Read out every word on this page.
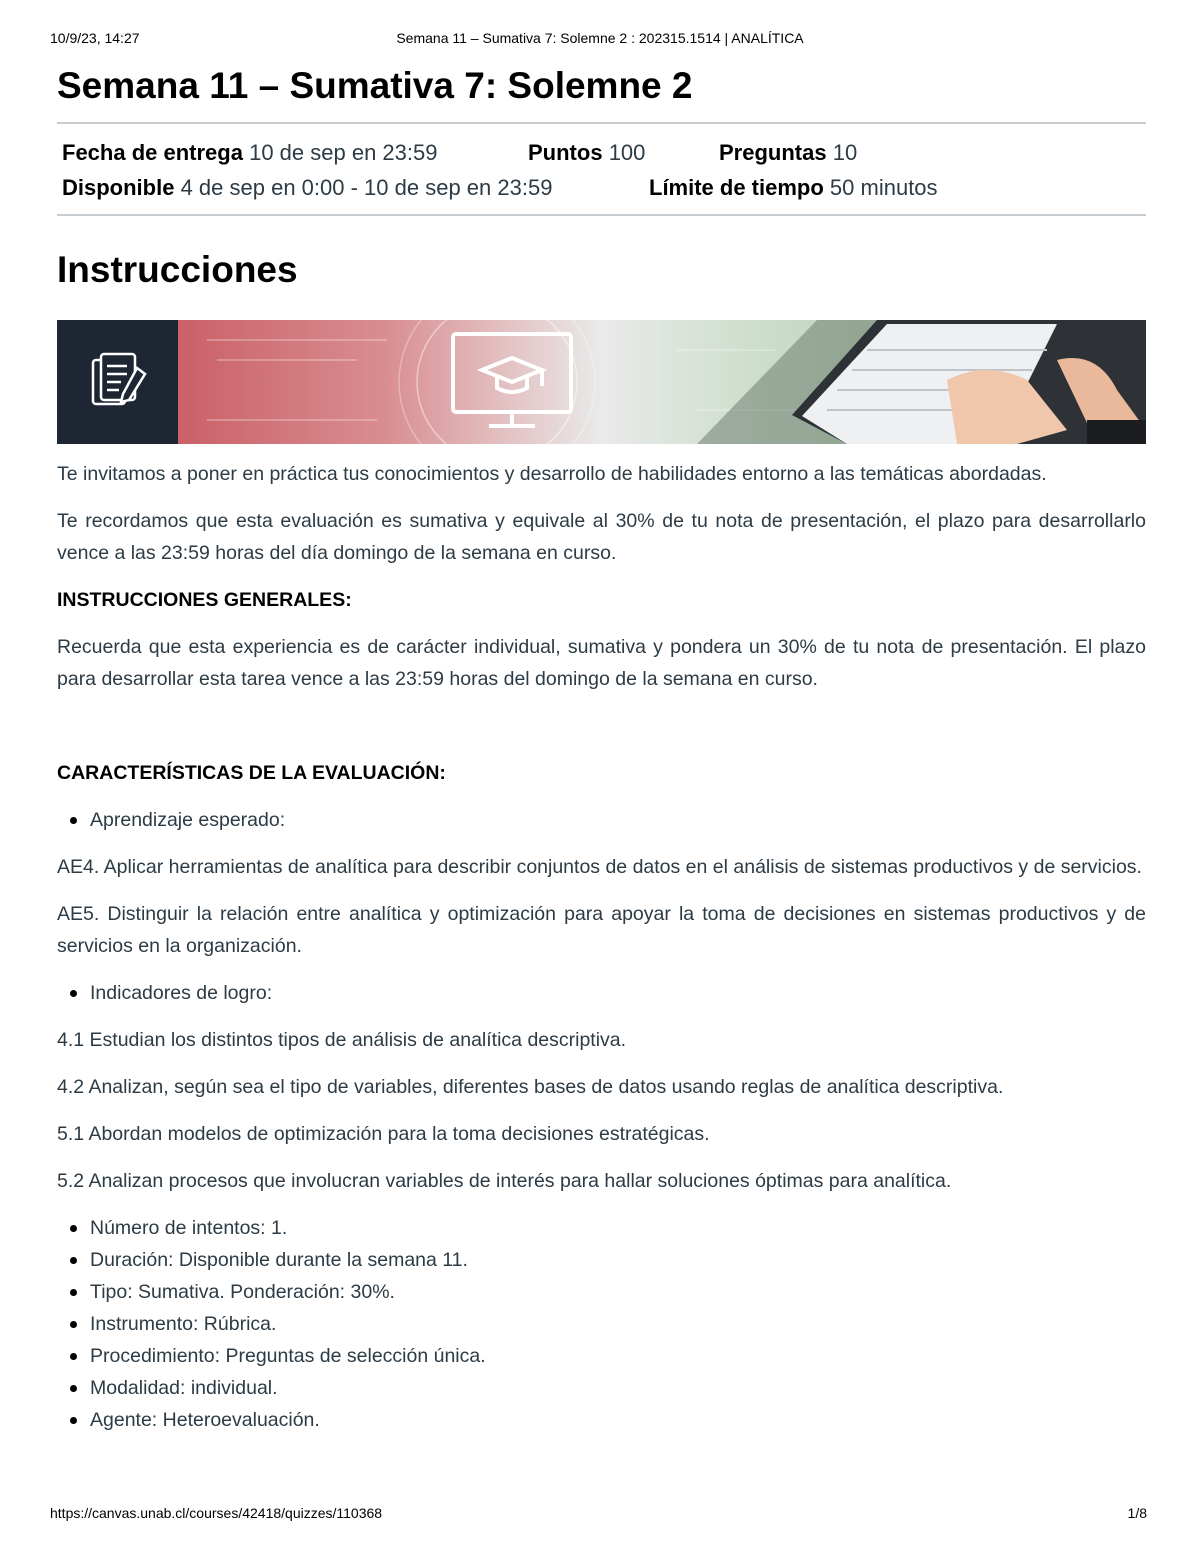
10/9/23, 14:27	Semana 11 – Sumativa 7: Solemne 2 : 202315.1514 | ANALÍTICA
Semana 11 – Sumativa 7: Solemne 2
Fecha de entrega 10 de sep en 23:59	Puntos 100	Preguntas 10
Disponible 4 de sep en 0:00 - 10 de sep en 23:59	Límite de tiempo 50 minutos
Instrucciones

Te invitamos a poner en práctica tus conocimientos y desarrollo de habilidades entorno a las temáticas abordadas.

Te recordamos que esta evaluación es sumativa y equivale al 30% de tu nota de presentación, el plazo para desarrollarlo vence a las 23:59 horas del día domingo de la semana en curso.

INSTRUCCIONES GENERALES:

Recuerda que esta experiencia es de carácter individual, sumativa y pondera un 30% de tu nota de presentación. El plazo para desarrollar esta tarea vence a las 23:59 horas del domingo de la semana en curso.

CARACTERÍSTICAS DE LA EVALUACIÓN:

Aprendizaje esperado:

AE4. Aplicar herramientas de analítica para describir conjuntos de datos en el análisis de sistemas productivos y de servicios.

AE5. Distinguir la relación entre analítica y optimización para apoyar la toma de decisiones en sistemas productivos y de servicios en la organización.

Indicadores de logro:

4.1 Estudian los distintos tipos de análisis de analítica descriptiva.

4.2 Analizan, según sea el tipo de variables, diferentes bases de datos usando reglas de analítica descriptiva.

5.1 Abordan modelos de optimización para la toma decisiones estratégicas.

5.2 Analizan procesos que involucran variables de interés para hallar soluciones óptimas para analítica.

Número de intentos: 1.
Duración: Disponible durante la semana 11.
Tipo: Sumativa. Ponderación: 30%.
Instrumento: Rúbrica.
Procedimiento: Preguntas de selección única.
Modalidad: individual.
Agente: Heteroevaluación.
https://canvas.unab.cl/courses/42418/quizzes/110368	1/8
